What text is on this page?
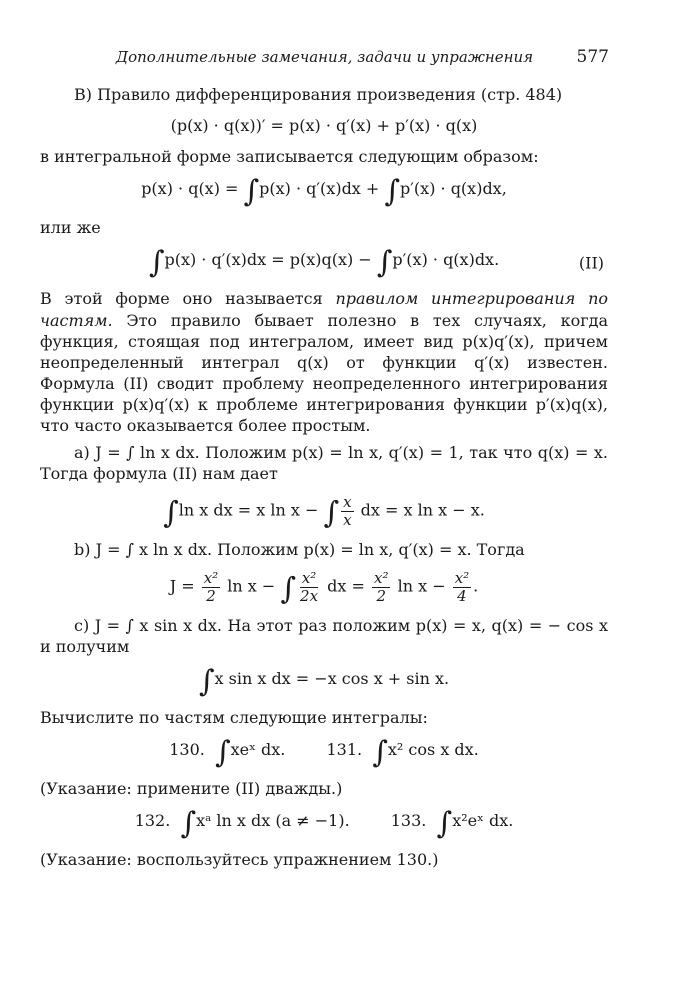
Дополнительные замечания, задачи и упражнения	577

B) Правило дифференцирования произведения (стр. 484)

(p(x) · q(x))′ = p(x) · q′(x) + p′(x) · q(x)

в интегральной форме записывается следующим образом:

p(x) · q(x) = ∫p(x) · q′(x)dx + ∫p′(x) · q(x)dx,

или же

∫p(x) · q′(x)dx = p(x)q(x) − ∫p′(x) · q(x)dx.	(II)

В этой форме оно называется правилом интегрирования по частям. Это правило бывает полезно в тех случаях, когда функция, стоящая под интегралом, имеет вид p(x)q′(x), причем неопределенный интеграл q(x) от функции q′(x) известен. Формула (II) сводит проблему неопределенного интегрирования функции p(x)q′(x) к проблеме интегрирования функции p′(x)q(x), что часто оказывается более простым.

a) J = ∫ ln x dx. Положим p(x) = ln x, q′(x) = 1, так что q(x) = x. Тогда формула (II) нам дает

∫ln x dx = x ln x − ∫ $\frac{x}{x}$ dx = x ln x − x.

b) J = ∫ x ln x dx. Положим p(x) = ln x, q′(x) = x. Тогда

$J = \frac{\text{x²}}{2}$ ln x − ∫ $\frac{\text{x²}}{2x}$ dx = $\frac{\text{x²}}{2}$ $\ln x - \frac{\text{x²}}{4}$ .

c) J = ∫ x sin x dx. На этот раз положим p(x) = x, q(x) = − cos x и получим

∫x sin x dx = −x cos x + sin x.

Вычислите по частям следующие интегралы:

130. ∫xeˣ dx.	131. ∫x² cos x dx.

(Указание: примените (II) дважды.)

132. ∫xᵃ ln x dx (a ≠ −1).	133. ∫x²eˣ dx.

(Указание: воспользуйтесь упражнением 130.)
